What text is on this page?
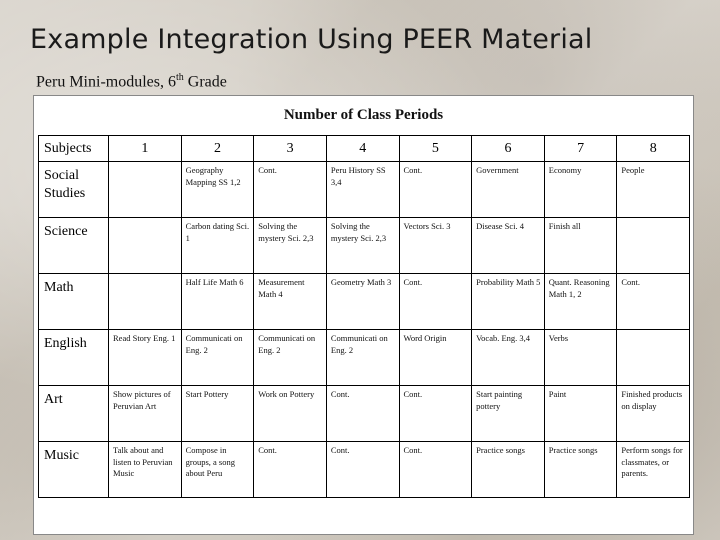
Example Integration Using PEER Material
Peru Mini-modules, 6th Grade
Number of Class Periods
Subjects	1	2	3	4	5	6	7	8
Social Studies		Geography Mapping SS 1,2	Cont.	Peru History SS 3,4	Cont.	Government	Economy	People
Science		Carbon dating Sci. 1	Solving the mystery Sci. 2,3	Solving the mystery Sci. 2,3	Vectors Sci. 3	Disease Sci. 4	Finish all	
Math		Half Life Math 6	Measurement Math 4	Geometry Math 3	Cont.	Probability Math 5	Quant. Reasoning Math 1, 2	Cont.
English	Read Story Eng. 1	Communicati on Eng. 2	Communicati on Eng. 2	Communicati on Eng. 2	Word Origin	Vocab. Eng. 3,4	Verbs	
Art	Show pictures of Peruvian Art	Start Pottery	Work on Pottery	Cont.	Cont.	Start painting pottery	Paint	Finished products on display
Music	Talk about and listen to Peruvian Music	Compose in groups, a song about Peru	Cont.	Cont.	Cont.	Practice songs	Practice songs	Perform songs for classmates, or parents.
